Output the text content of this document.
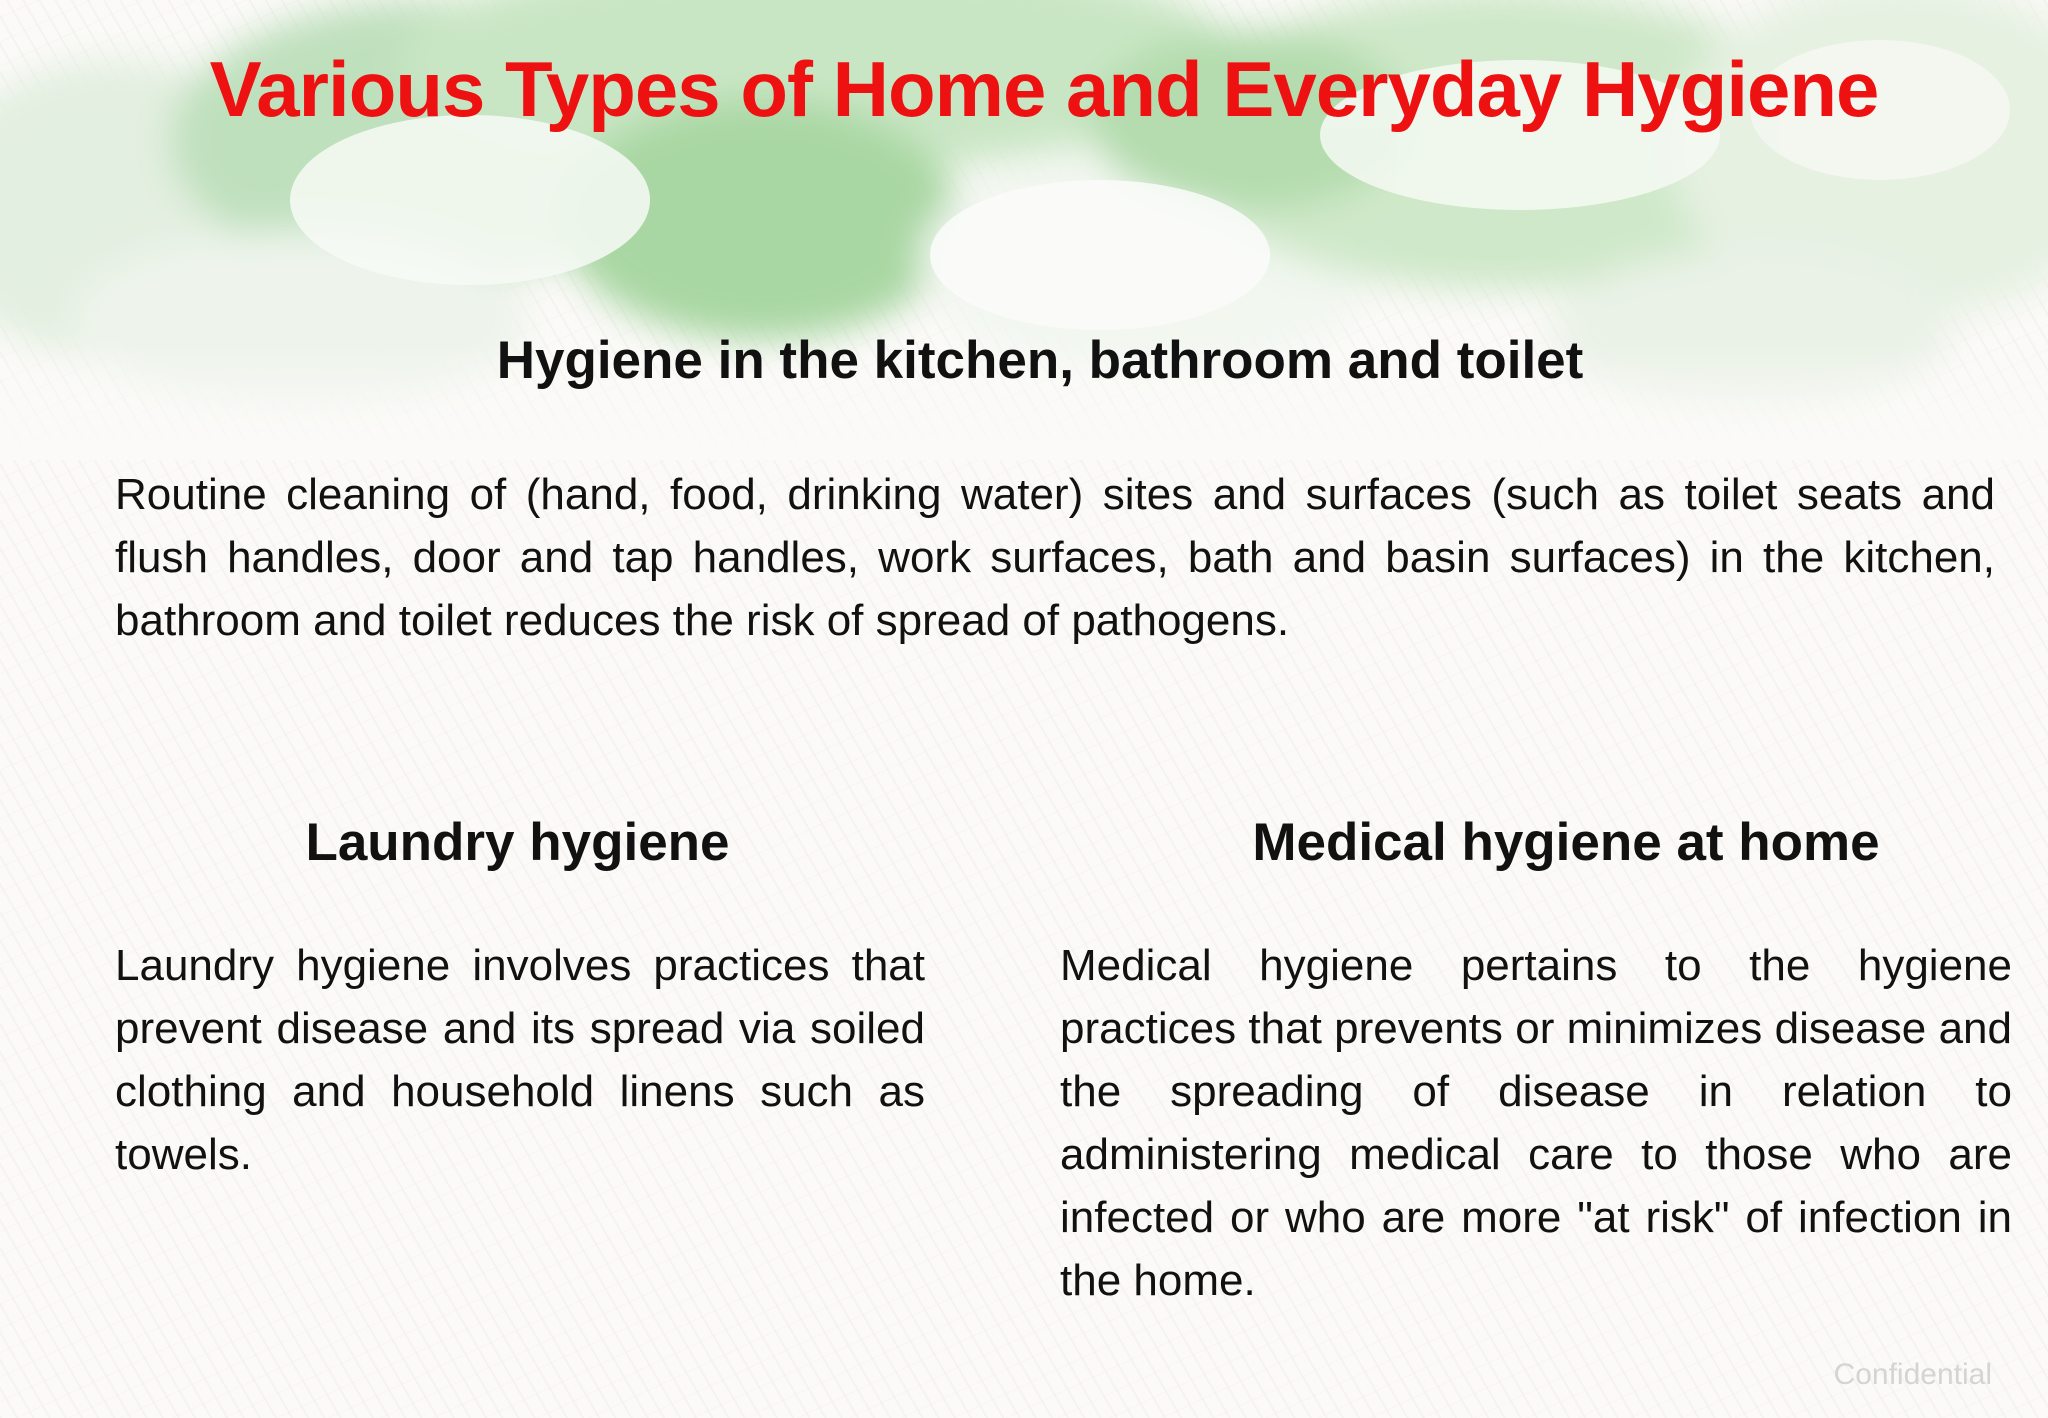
Various Types of Home and Everyday Hygiene
Hygiene in the kitchen, bathroom and toilet

Routine cleaning of (hand, food, drinking water) sites and surfaces (such as toilet seats and flush handles, door and tap handles, work surfaces, bath and basin surfaces) in the kitchen, bathroom and toilet reduces the risk of spread of pathogens.

Laundry hygiene

Laundry hygiene involves practices that prevent disease and its spread via soiled clothing and household linens such as towels.

Medical hygiene at home

Medical hygiene pertains to the hygiene practices that prevents or minimizes disease and the spreading of disease in relation to administering medical care to those who are infected or who are more "at risk" of infection in the home.

Confidential
